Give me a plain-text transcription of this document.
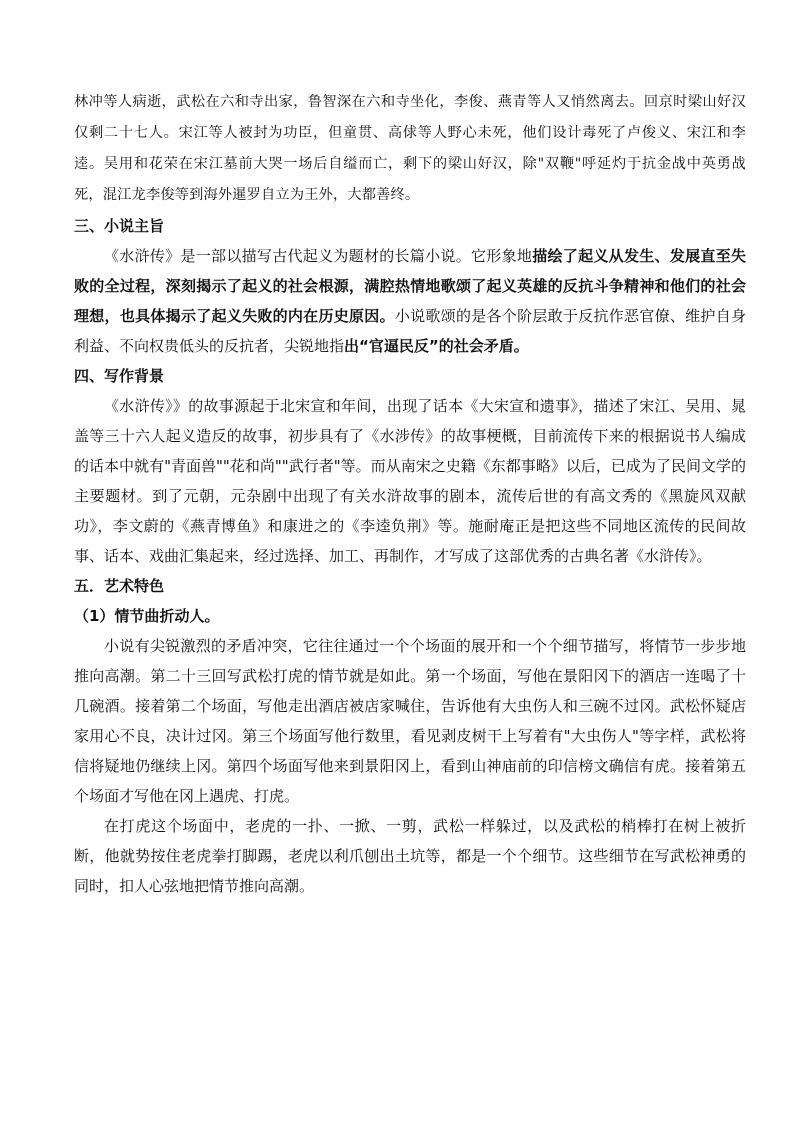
林冲等人病逝，武松在六和寺出家，鲁智深在六和寺坐化，李俊、燕青等人又悄然离去。回京时梁山好汉仅剩二十七人。宋江等人被封为功臣，但童贯、高俅等人野心未死，他们设计毒死了卢俊义、宋江和李逵。吴用和花荣在宋江墓前大哭一场后自缢而亡，剩下的梁山好汉，除"双鞭"呼延灼于抗金战中英勇战死，混江龙李俊等到海外暹罗自立为王外，大都善终。

三、小说主旨

《水浒传》是一部以描写古代起义为题材的长篇小说。它形象地描绘了起义从发生、发展直至失败的全过程，深刻揭示了起义的社会根源，满腔热情地歌颂了起义英雄的反抗斗争精神和他们的社会理想，也具体揭示了起义失败的内在历史原因。小说歌颂的是各个阶层敢于反抗作恶官僚、维护自身利益、不向权贵低头的反抗者，尖锐地指出“官逼民反”的社会矛盾。

四、写作背景

《水浒传》》的故事源起于北宋宣和年间，出现了话本《大宋宣和遗事》，描述了宋江、吴用、晁盖等三十六人起义造反的故事，初步具有了《水涉传》的故事梗概，目前流传下来的根据说书人编成的话本中就有"青面兽""花和尚""武行者"等。而从南宋之史籍《东都事略》以后，已成为了民间文学的主要题材。到了元朝，元杂剧中出现了有关水浒故事的剧本，流传后世的有高文秀的《黑旋风双献功》，李文蔚的《燕青博鱼》和康进之的《李逵负荆》等。施耐庵正是把这些不同地区流传的民间故事、话本、戏曲汇集起来，经过选择、加工、再制作，才写成了这部优秀的古典名著《水浒传》。

五．艺术特色
（1）情节曲折动人。

小说有尖锐激烈的矛盾冲突，它往往通过一个个场面的展开和一个个细节描写，将情节一步步地推向高潮。第二十三回写武松打虎的情节就是如此。第一个场面，写他在景阳冈下的酒店一连喝了十几碗酒。接着第二个场面，写他走出酒店被店家喊住，告诉他有大虫伤人和三碗不过冈。武松怀疑店家用心不良，决计过冈。第三个场面写他行数里，看见剥皮树干上写着有"大虫伤人"等字样，武松将信将疑地仍继续上冈。第四个场面写他来到景阳冈上，看到山神庙前的印信榜文确信有虎。接着第五个场面才写他在冈上遇虎、打虎。

在打虎这个场面中，老虎的一扑、一掀、一剪，武松一样躲过，以及武松的梢棒打在树上被折断，他就势按住老虎拳打脚踢，老虎以利爪刨出土坑等，都是一个个细节。这些细节在写武松神勇的同时，扣人心弦地把情节推向高潮。
